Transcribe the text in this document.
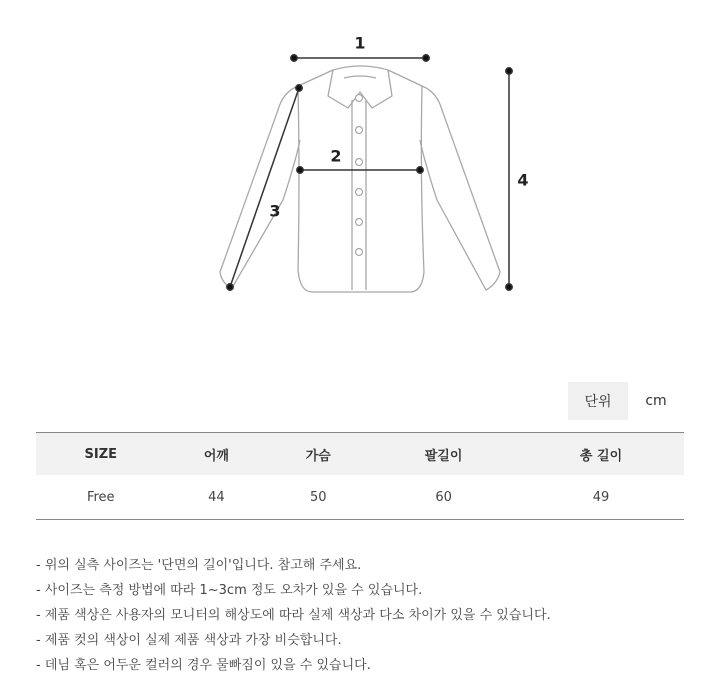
1
2
3
4
단위	cm
SIZE	어깨	가슴	팔길이	총 길이
Free	44	50	60	49
- 위의 실측 사이즈는 '단면의 길이'입니다. 참고해 주세요.
- 사이즈는 측정 방법에 따라 1~3cm 정도 오차가 있을 수 있습니다.
- 제품 색상은 사용자의 모니터의 해상도에 따라 실제 색상과 다소 차이가 있을 수 있습니다.
- 제품 컷의 색상이 실제 제품 색상과 가장 비슷합니다.
- 데님 혹은 어두운 컬러의 경우 물빠짐이 있을 수 있습니다.
